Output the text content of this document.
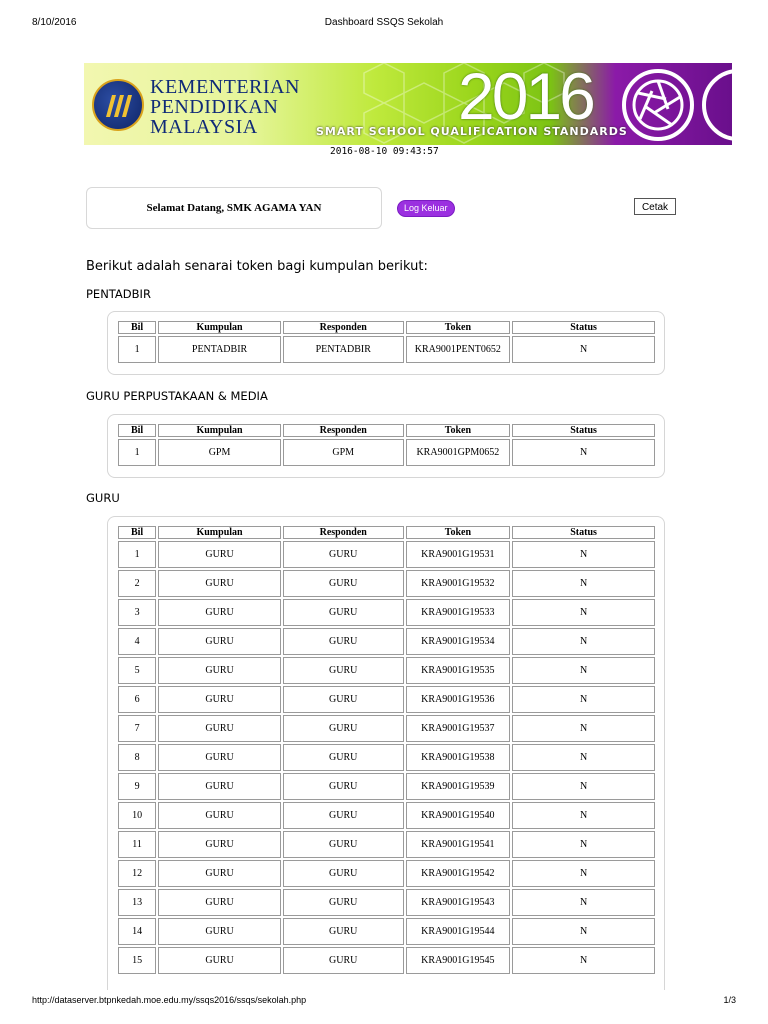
8/10/2016	Dashboard SSQS Sekolah
KEMENTERIAN
PENDIDIKAN
MALAYSIA	2016
SMART SCHOOL QUALIFICATION STANDARDS
2016-08-10 09:43:57
Selamat Datang, SMK AGAMA YAN	Log Keluar	Cetak
Berikut adalah senarai token bagi kumpulan berikut:
PENTADBIR
Bil	Kumpulan	Responden	Token	Status
1	PENTADBIR	PENTADBIR	KRA9001PENT0652	N
GURU PERPUSTAKAAN & MEDIA
Bil	Kumpulan	Responden	Token	Status
1	GPM	GPM	KRA9001GPM0652	N
GURU
Bil	Kumpulan	Responden	Token	Status
1	GURU	GURU	KRA9001G19531	N
2	GURU	GURU	KRA9001G19532	N
3	GURU	GURU	KRA9001G19533	N
4	GURU	GURU	KRA9001G19534	N
5	GURU	GURU	KRA9001G19535	N
6	GURU	GURU	KRA9001G19536	N
7	GURU	GURU	KRA9001G19537	N
8	GURU	GURU	KRA9001G19538	N
9	GURU	GURU	KRA9001G19539	N
10	GURU	GURU	KRA9001G19540	N
11	GURU	GURU	KRA9001G19541	N
12	GURU	GURU	KRA9001G19542	N
13	GURU	GURU	KRA9001G19543	N
14	GURU	GURU	KRA9001G19544	N
15	GURU	GURU	KRA9001G19545	N
http://dataserver.btpnkedah.moe.edu.my/ssqs2016/ssqs/sekolah.php	1/3
